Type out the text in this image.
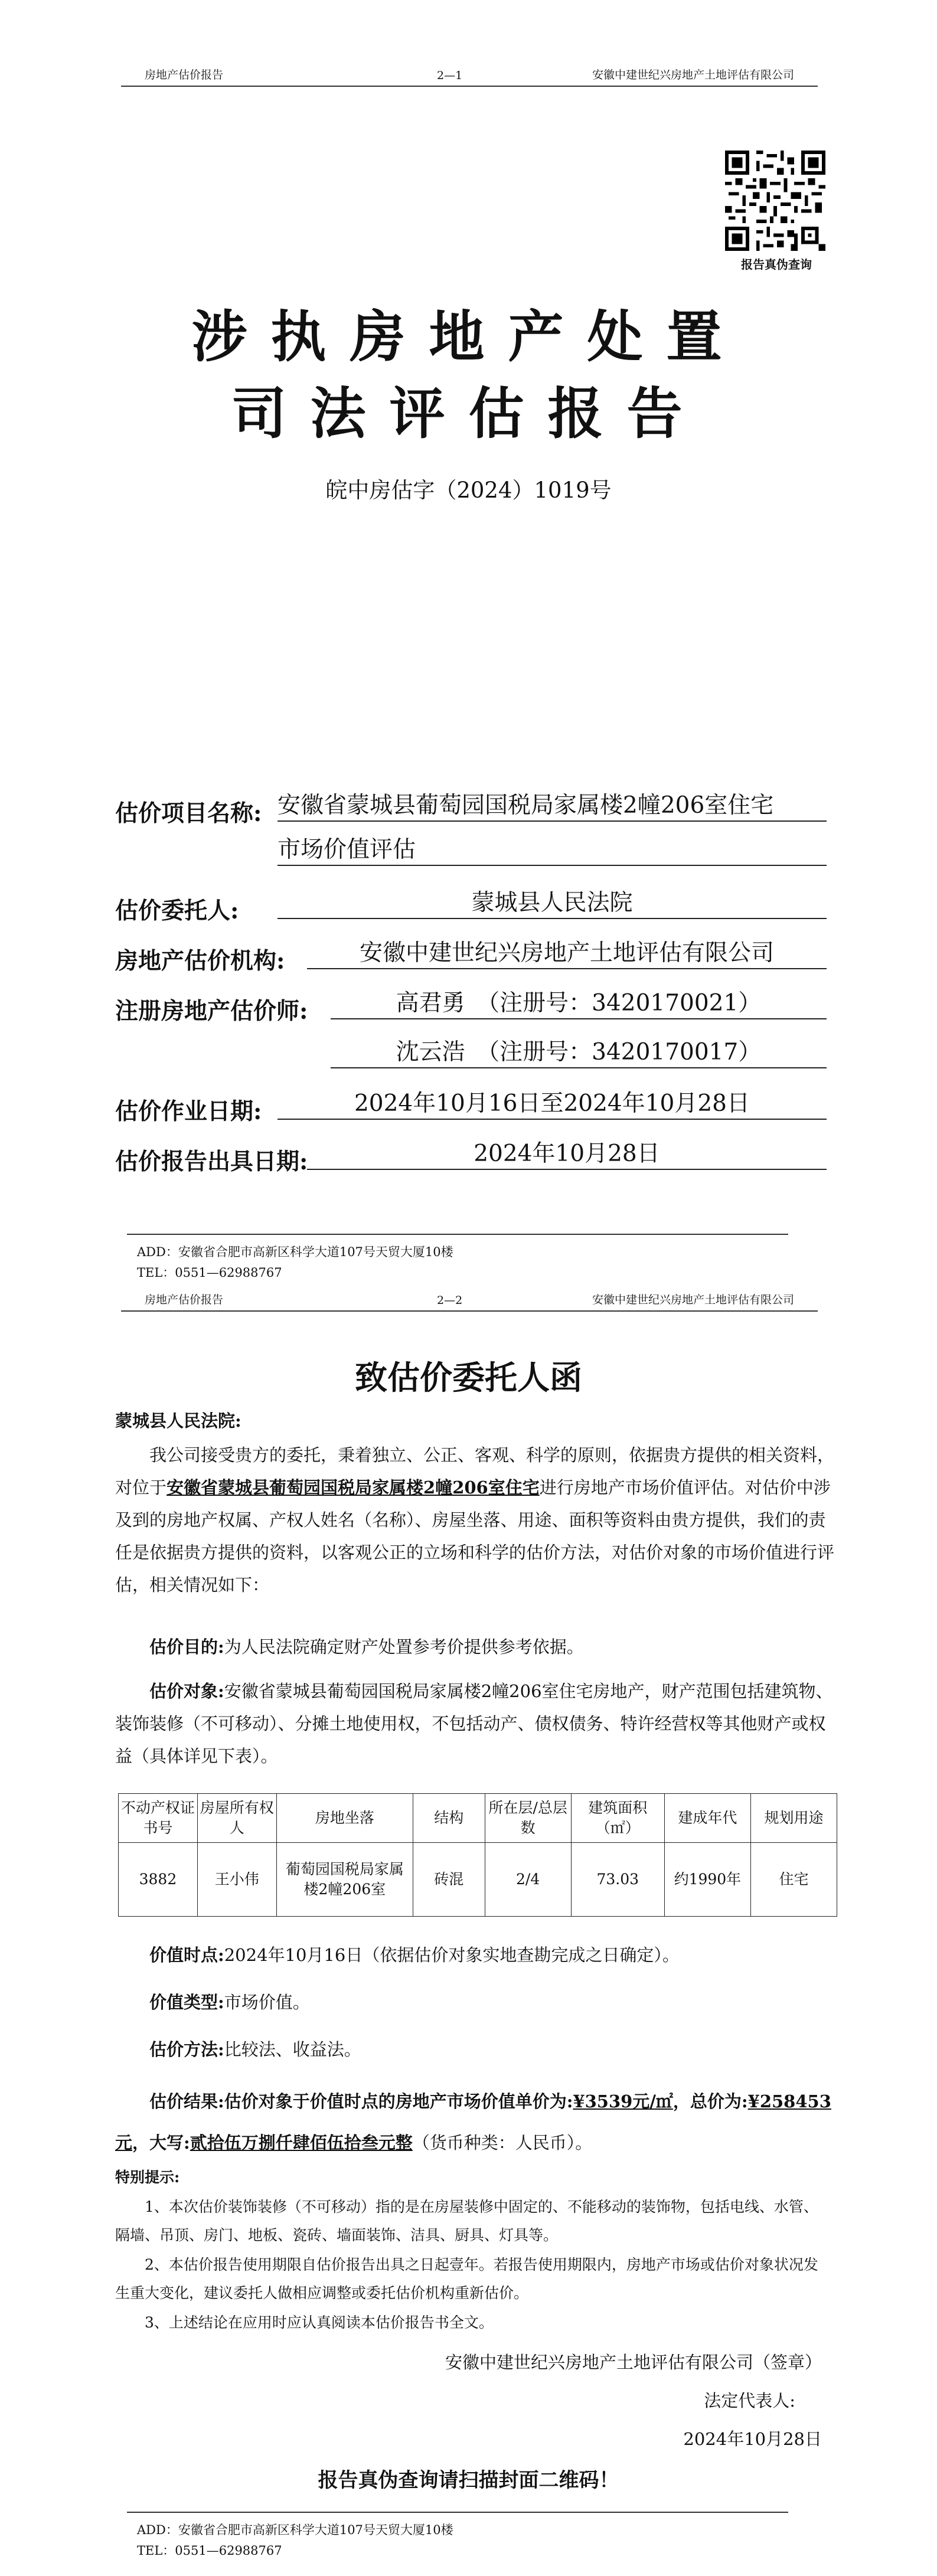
房地产估价报告	2—1	安徽中建世纪兴房地产土地评估有限公司
报告真伪查询
涉执房地产处置
司法评估报告
皖中房估字（2024）1019号
估价项目名称: 安徽省蒙城县葡萄园国税局家属楼2幢206室住宅
市场价值评估
估价委托人:	蒙城县人民法院
房地产估价机构:	安徽中建世纪兴房地产土地评估有限公司
注册房地产估价师:	高君勇　（注册号：3420170021）
沈云浩　（注册号：3420170017）
估价作业日期:	2024年10月16日至2024年10月28日
估价报告出具日期:	2024年10月28日
ADD：安徽省合肥市高新区科学大道107号天贸大厦10楼
TEL：0551—62988767
房地产估价报告	2—2	安徽中建世纪兴房地产土地评估有限公司
致估价委托人函
蒙城县人民法院:
我公司接受贵方的委托，秉着独立、公正、客观、科学的原则，依据贵方提供的相关资料，对位于安徽省蒙城县葡萄园国税局家属楼2幢206室住宅进行房地产市场价值评估。对估价中涉及到的房地产权属、产权人姓名（名称）、房屋坐落、用途、面积等资料由贵方提供，我们的责任是依据贵方提供的资料，以客观公正的立场和科学的估价方法，对估价对象的市场价值进行评估，相关情况如下：
估价目的:为人民法院确定财产处置参考价提供参考依据。
估价对象:安徽省蒙城县葡萄园国税局家属楼2幢206室住宅房地产，财产范围包括建筑物、装饰装修（不可移动）、分摊土地使用权，不包括动产、债权债务、特许经营权等其他财产或权益（具体详见下表）。
不动产权证书号	房屋所有权人	房地坐落	结构	所在层/总层数	建筑面积（㎡）	建成年代	规划用途
3882	王小伟	葡萄园国税局家属楼2幢206室	砖混	2/4	73.03	约1990年	住宅
价值时点:2024年10月16日（依据估价对象实地查勘完成之日确定）。
价值类型:市场价值。
估价方法:比较法、收益法。
估价结果:估价对象于价值时点的房地产市场价值单价为:¥3539元/㎡，总价为:¥258453元，大写:贰拾伍万捌仟肆佰伍拾叁元整（货币种类：人民币）。
特别提示:
1、本次估价装饰装修（不可移动）指的是在房屋装修中固定的、不能移动的装饰物，包括电线、水管、隔墙、吊顶、房门、地板、瓷砖、墙面装饰、洁具、厨具、灯具等。
2、本估价报告使用期限自估价报告出具之日起壹年。若报告使用期限内，房地产市场或估价对象状况发生重大变化，建议委托人做相应调整或委托估价机构重新估价。
3、上述结论在应用时应认真阅读本估价报告书全文。
安徽中建世纪兴房地产土地评估有限公司（签章）
法定代表人:
2024年10月28日
报告真伪查询请扫描封面二维码！
ADD：安徽省合肥市高新区科学大道107号天贸大厦10楼
TEL：0551—62988767
